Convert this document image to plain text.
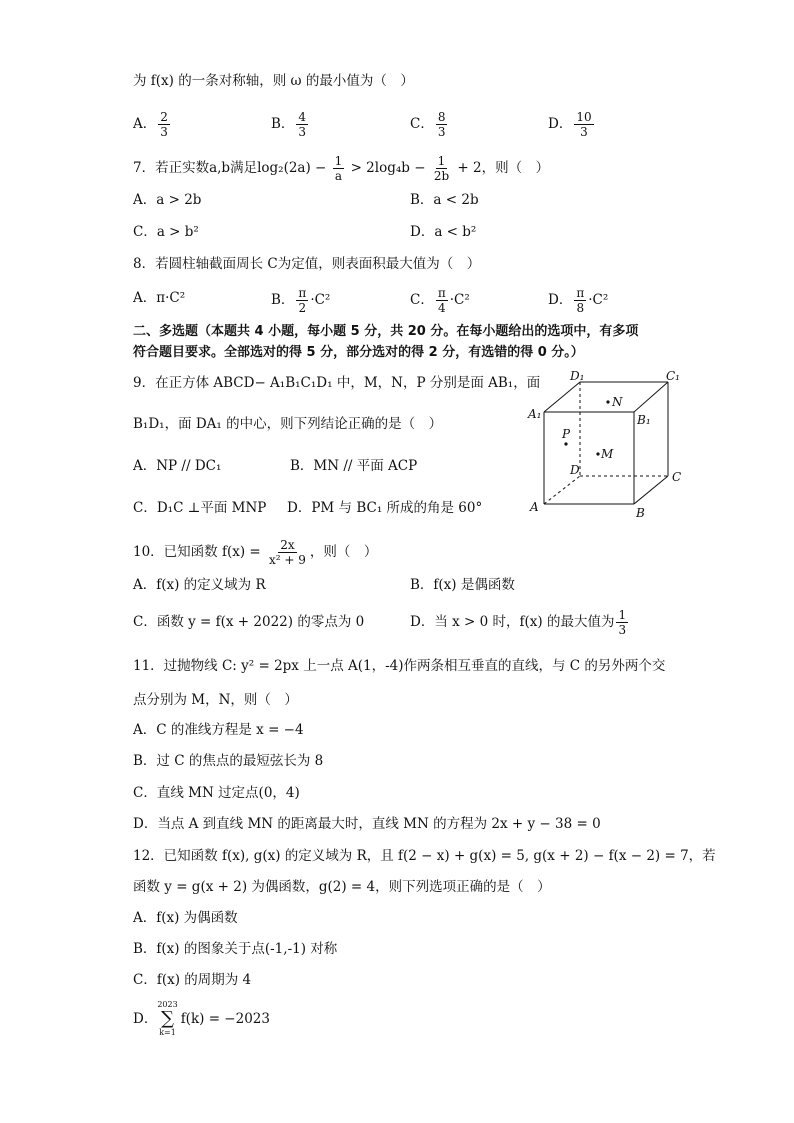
为 f(x) 的一条对称轴，则 ω 的最小值为（　）
A． $\frac{2}{3}$	B． $\frac{4}{3}$	C． $\frac{8}{3}$	D． $\frac{10}{3}$
7．若正实数a,b满足$\log_2(2a) - \frac{1}{a} > 2\log_4b - \frac{1}{2b} + 2$，则（　）
A．a > 2b	B．a < 2b
C．a > b²	D．a < b²
8．若圆柱轴截面周长 C为定值，则表面积最大值为（　）
A．π·C²	B． $\frac{\pi}{2} \cdot C^2$	C． $\frac{\pi}{4} \cdot C^2$	D． $\frac{\pi}{8} \cdot C^2$
二、多选题（本题共 4 小题，每小题 5 分，共 20 分。在每小题给出的选项中，有多项
符合题目要求。全部选对的得 5 分，部分选对的得 2 分，有选错的得 0 分。）
9．在正方体 ABCD− A₁B₁C₁D₁ 中，M，N，P 分别是面 AB₁，面
B₁D₁，面 DA₁ 的中心，则下列结论正确的是（　）
A．NP // DC₁	B．MN // 平面 ACP
C．D₁C ⊥平面 MNP D．PM 与 BC₁ 所成的角是 60°
D₁	C₁
A₁	B₁
N
P
M
D	C
A	B
10．已知函数 $f(x) = \frac{2x}{\text{x² + 9}}$ ，则（　）
A．f(x) 的定义域为 R	B．f(x) 是偶函数
C．函数 y = f(x + 2022) 的零点为 0	D．当 x > 0 时，f(x) 的最大值为 $\frac{1}{3}$
11．过抛物线 C: y² = 2px 上一点 A(1，-4)作两条相互垂直的直线，与 C 的另外两个交
点分别为 M，N，则（　）
A．C 的准线方程是 x = −4
B．过 C 的焦点的最短弦长为 8
C．直线 MN 过定点(0，4)
D．当点 A 到直线 MN 的距离最大时，直线 MN 的方程为 2x + y − 38 = 0
12．已知函数 f(x), g(x) 的定义域为 R，且 f(2 − x) + g(x) = 5, g(x + 2) − f(x − 2) = 7，若
函数 y = g(x + 2) 为偶函数，g(2) = 4，则下列选项正确的是（　）
A．f(x) 为偶函数
B．f(x) 的图象关于点(-1,-1) 对称
C．f(x) 的周期为 4
D．
2023
∑
k=1
f(k) = −2023
